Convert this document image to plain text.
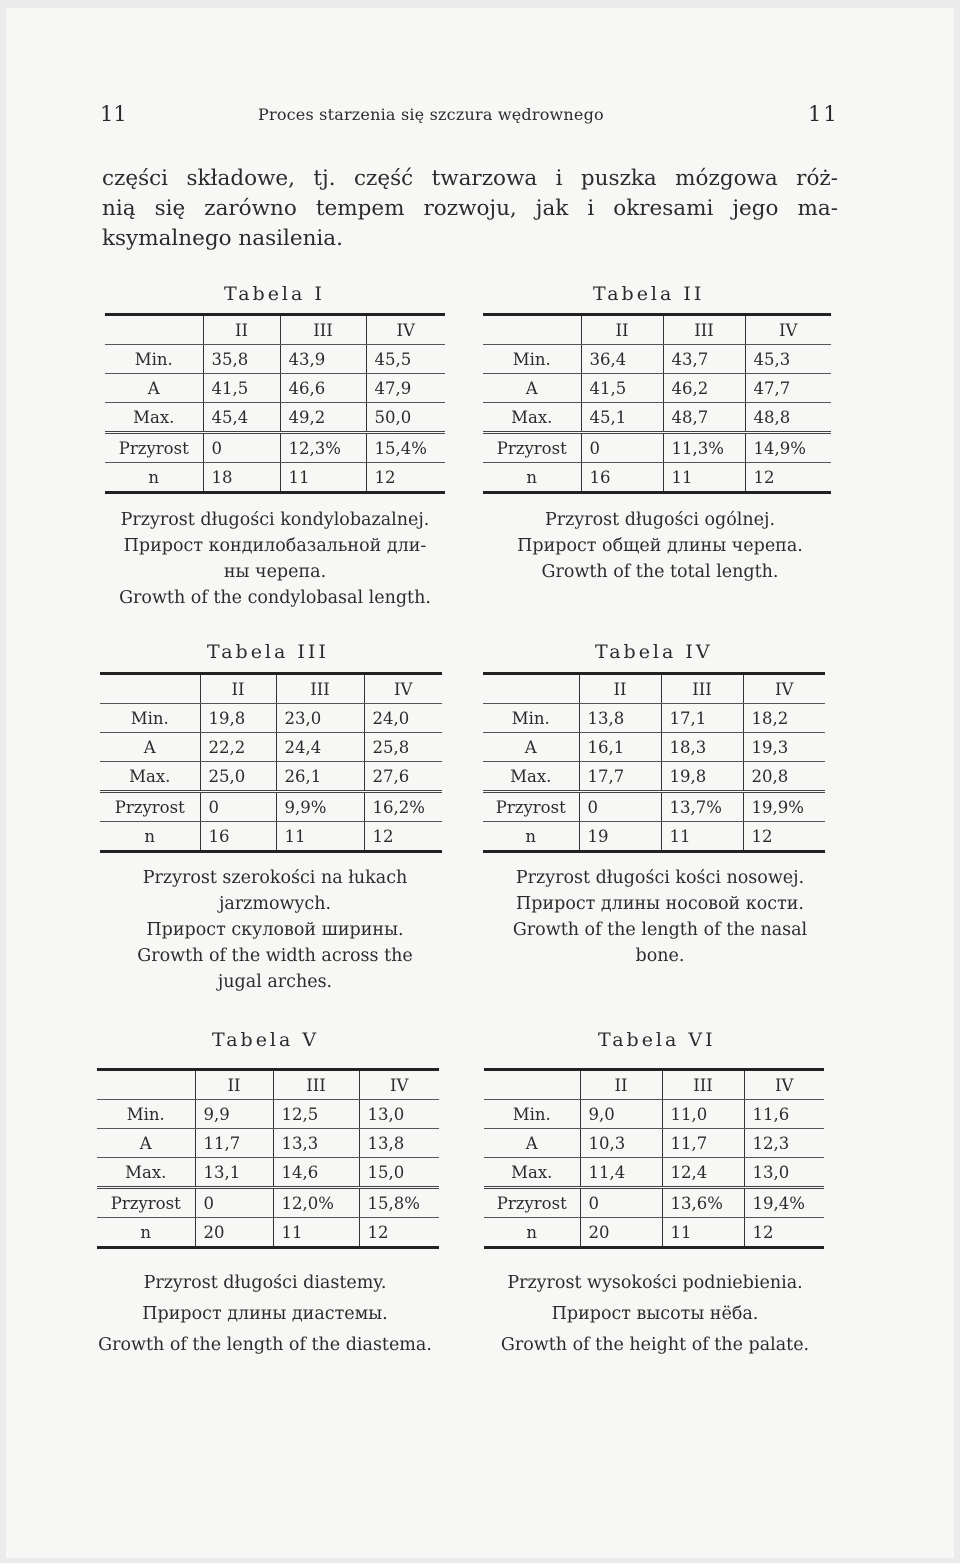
11	Proces starzenia się szczura wędrownego	11
części składowe, tj. część twarzowa i puszka mózgowa róż-
nią się zarówno tempem rozwoju, jak i okresami jego ma-
ksymalnego nasilenia.
Tabela I
	II	III	IV
Min.	35,8	43,9	45,5
A	41,5	46,6	47,9
Max.	45,4	49,2	50,0
Przyrost	0	12,3%	15,4%
n	18	11	12
Przyrost długości kondylobazalnej.
Прирост кондилобазальной дли-
ны черепа.
Growth of the condylobasal length.
Tabela II
	II	III	IV
Min.	36,4	43,7	45,3
A	41,5	46,2	47,7
Max.	45,1	48,7	48,8
Przyrost	0	11,3%	14,9%
n	16	11	12
Przyrost długości ogólnej.
Прирост общей длины черепа.
Growth of the total length.
Tabela III
	II	III	IV
Min.	19,8	23,0	24,0
A	22,2	24,4	25,8
Max.	25,0	26,1	27,6
Przyrost	0	9,9%	16,2%
n	16	11	12
Przyrost szerokości na łukach
jarzmowych.
Прирост скуловой ширины.
Growth of the width across the
jugal arches.
Tabela IV
	II	III	IV
Min.	13,8	17,1	18,2
A	16,1	18,3	19,3
Max.	17,7	19,8	20,8
Przyrost	0	13,7%	19,9%
n	19	11	12
Przyrost długości kości nosowej.
Прирост длины носовой кости.
Growth of the length of the nasal
bone.
Tabela V
	II	III	IV
Min.	9,9	12,5	13,0
A	11,7	13,3	13,8
Max.	13,1	14,6	15,0
Przyrost	0	12,0%	15,8%
n	20	11	12
Przyrost długości diastemy.
Прирост длины диастемы.
Growth of the length of the diastema.
Tabela VI
	II	III	IV
Min.	9,0	11,0	11,6
A	10,3	11,7	12,3
Max.	11,4	12,4	13,0
Przyrost	0	13,6%	19,4%
n	20	11	12
Przyrost wysokości podniebienia.
Прирост высоты нёба.
Growth of the height of the palate.
